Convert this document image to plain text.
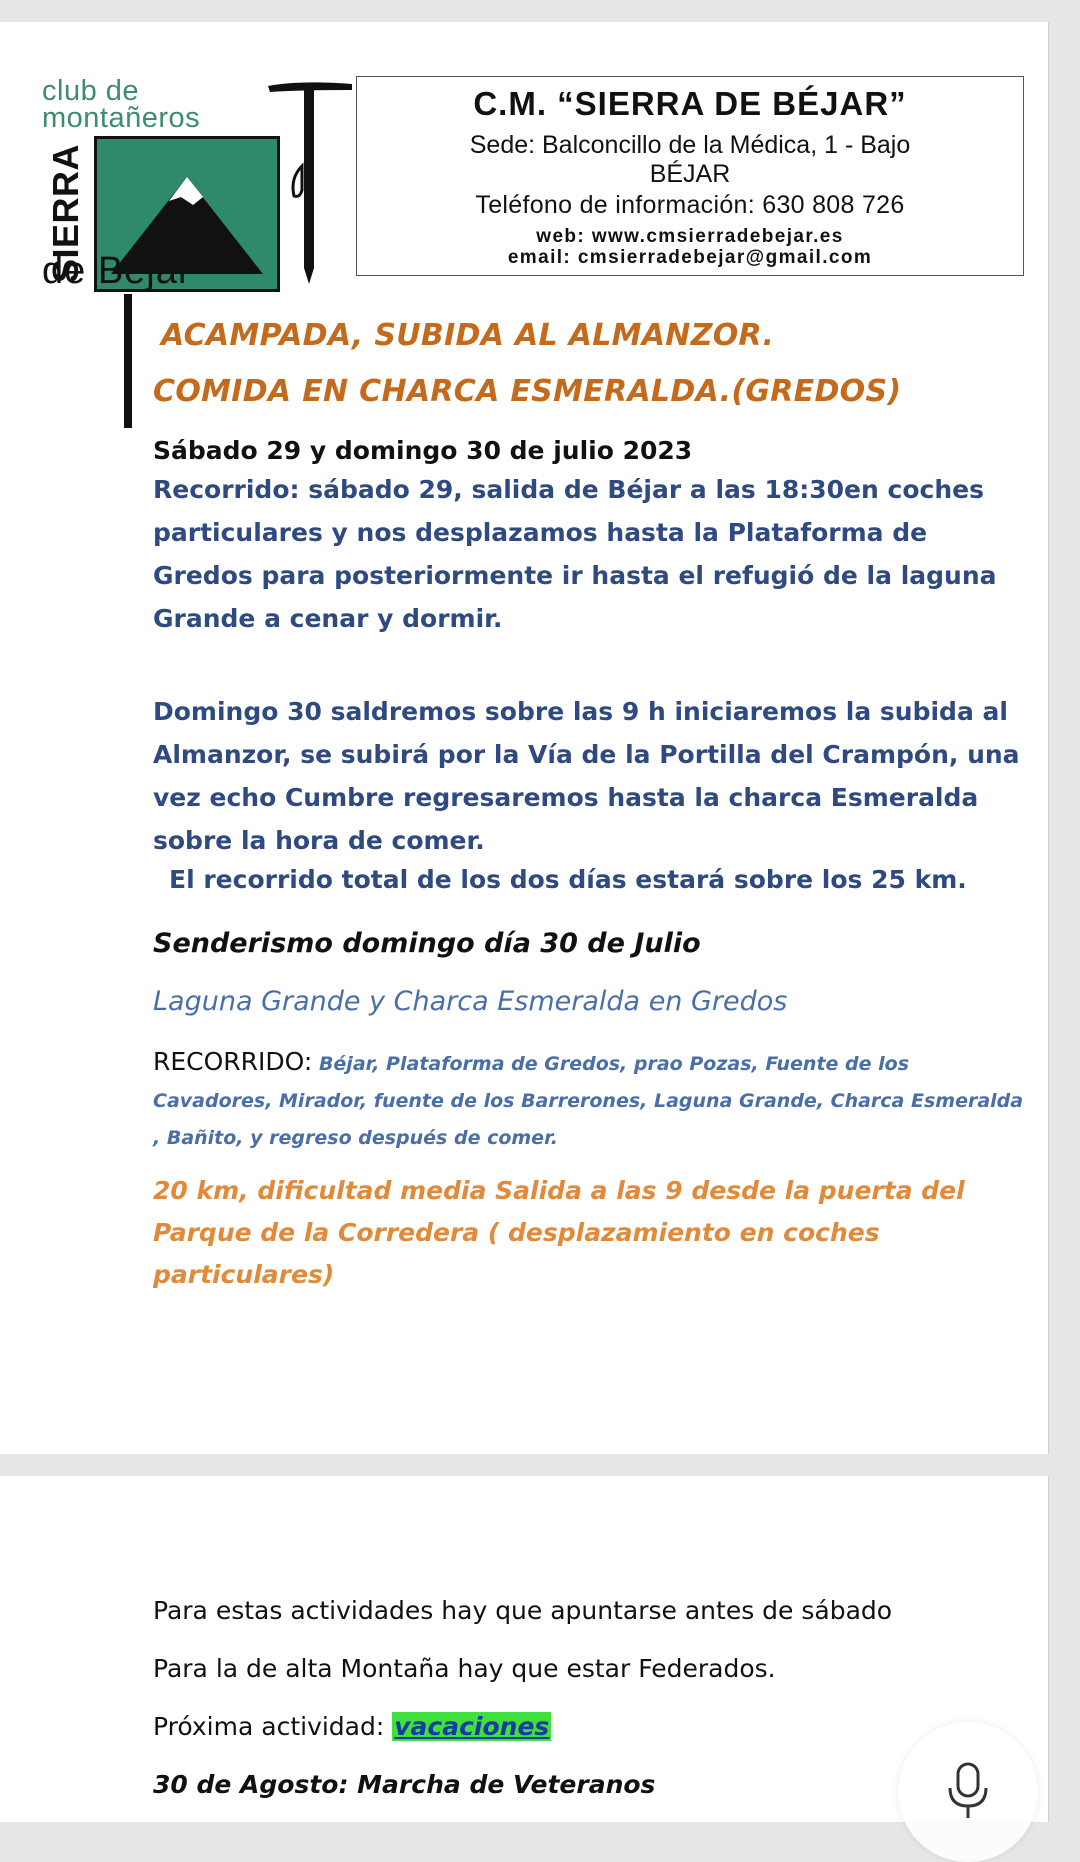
club de
montañeros
SIERRA
de Béjar
C.M. “SIERRA DE BÉJAR”
Sede: Balconcillo de la Médica, 1 - Bajo
BÉJAR
Teléfono de información: 630 808 726
web: www.cmsierradebejar.es
email: cmsierradebejar@gmail.com
ACAMPADA, SUBIDA AL ALMANZOR.
COMIDA EN CHARCA ESMERALDA.(GREDOS)
Sábado 29 y domingo 30 de julio 2023
Recorrido: sábado 29, salida de Béjar a las 18:30en coches particulares y nos desplazamos hasta la Plataforma de Gredos para posteriormente ir hasta el refugió de la laguna Grande a cenar y dormir.
Domingo 30 saldremos sobre las 9 h iniciaremos la subida al Almanzor, se subirá por la Vía de la Portilla del Crampón, una vez echo Cumbre regresaremos hasta la charca Esmeralda sobre la hora de comer.
El recorrido total de los dos días estará sobre los 25 km.
Senderismo domingo día 30 de Julio
Laguna Grande y Charca Esmeralda en Gredos
RECORRIDO: Béjar, Plataforma de Gredos, prao Pozas, Fuente de los Cavadores, Mirador, fuente de los Barrerones, Laguna Grande, Charca Esmeralda , Bañito, y regreso después de comer.
20 km, dificultad media Salida a las 9 desde la puerta del Parque de la Corredera ( desplazamiento en coches particulares)
Para estas actividades hay que apuntarse antes de sábado
Para la de alta Montaña hay que estar Federados.
Próxima actividad: vacaciones
30 de Agosto: Marcha de Veteranos
